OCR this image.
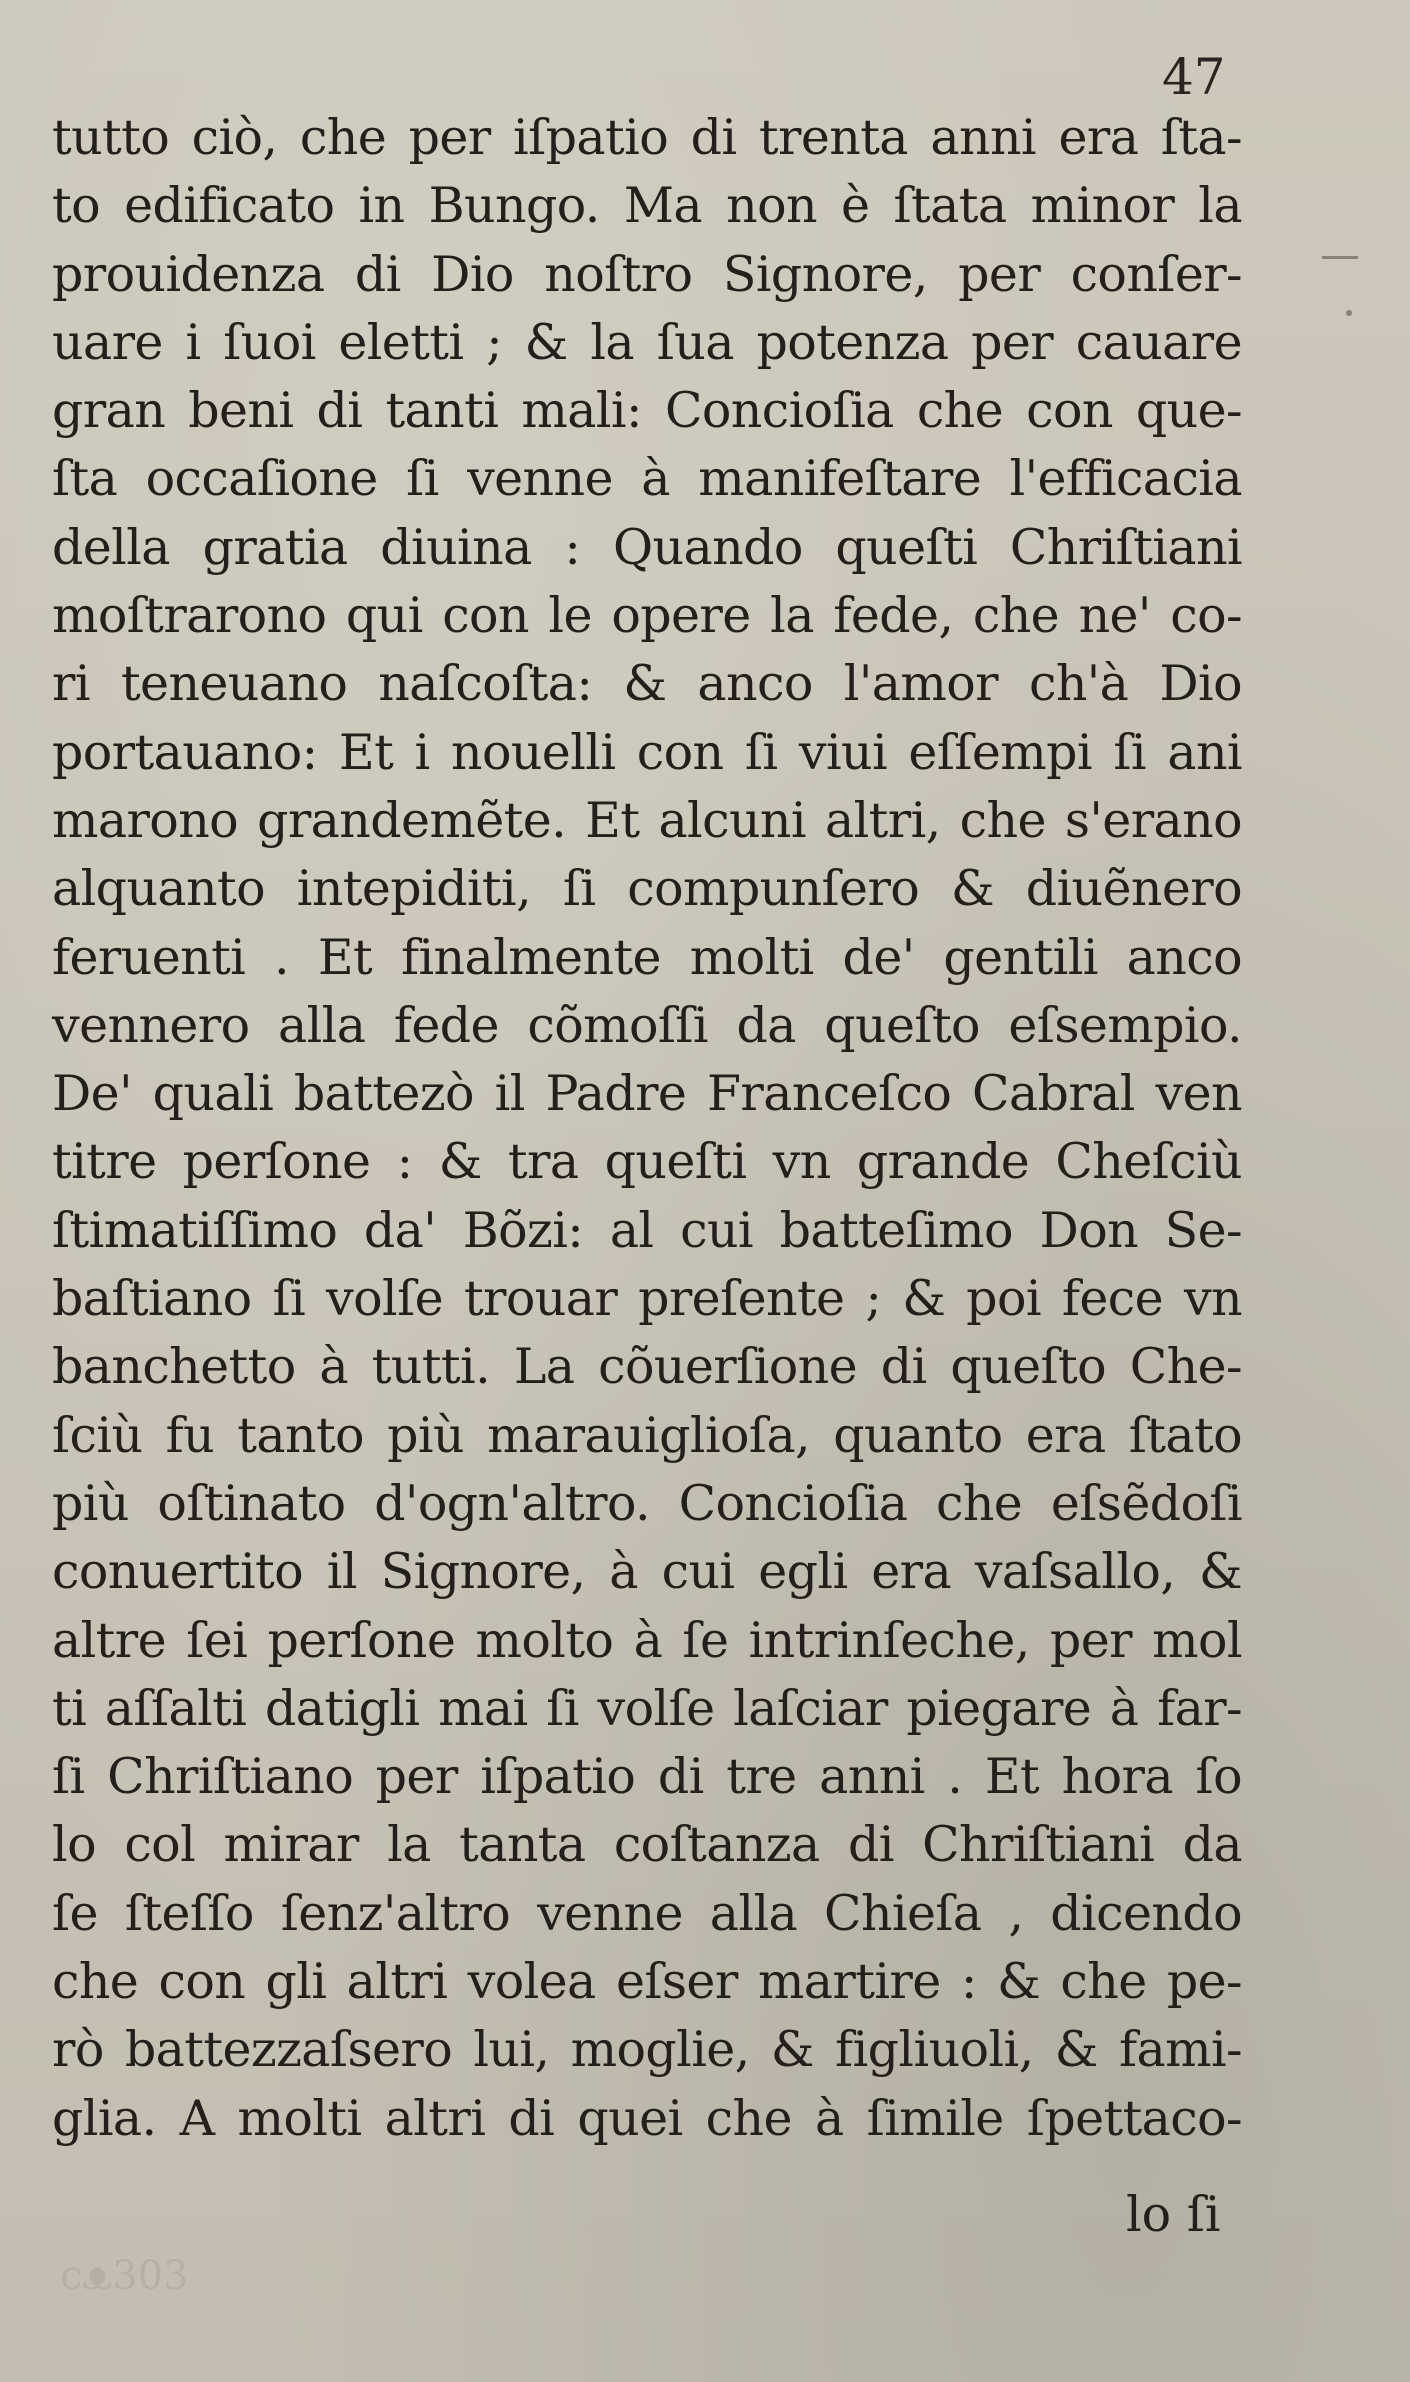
47
tutto ciò, che per iſpatio di trenta anni era ſta-
to edificato in Bungo. Ma non è ſtata minor la
prouidenza di Dio noſtro Signore, per conſer-
uare i ſuoi eletti ; & la ſua potenza per cauare
gran beni di tanti mali: Concioſia che con que-
ſta occaſione ſi venne à manifeſtare l'efficacia
della gratia diuina : Quando queſti Chriſtiani
moſtrarono qui con le opere la fede, che ne' co-
ri teneuano naſcoſta: & anco l'amor ch'à Dio
portauano: Et i nouelli con ſi viui eſſempi ſi ani
marono grandemẽte. Et alcuni altri, che s'erano
alquanto intepiditi, ſi compunſero & diuẽnero
feruenti . Et finalmente molti de' gentili anco
vennero alla fede cõmoſſi da queſto eſsempio.
De' quali battezò il Padre Franceſco Cabral ven
titre perſone : & tra queſti vn grande Cheſciù
ſtimatiſſimo da' Bõzi: al cui batteſimo Don Se-
baſtiano ſi volſe trouar preſente ; & poi fece vn
banchetto à tutti. La cõuerſione di queſto Che-
ſciù fu tanto più marauiglioſa, quanto era ſtato
più oſtinato d'ogn'altro. Concioſia che eſsẽdoſi
conuertito il Signore, à cui egli era vaſsallo, &
altre ſei perſone molto à ſe intrinſeche, per mol
ti aſſalti datigli mai ſi volſe laſciar piegare à far-
ſi Chriſtiano per iſpatio di tre anni . Et hora ſo
lo col mirar la tanta coſtanza di Chriſtiani da
ſe ſteſſo ſenz'altro venne alla Chieſa , dicendo
che con gli altri volea eſser martire : & che pe-
rò battezzaſsero lui, moglie, & figliuoli, & fami-
glia. A molti altri di quei che à ſimile ſpettaco-
lo ſi
cᴥ303
